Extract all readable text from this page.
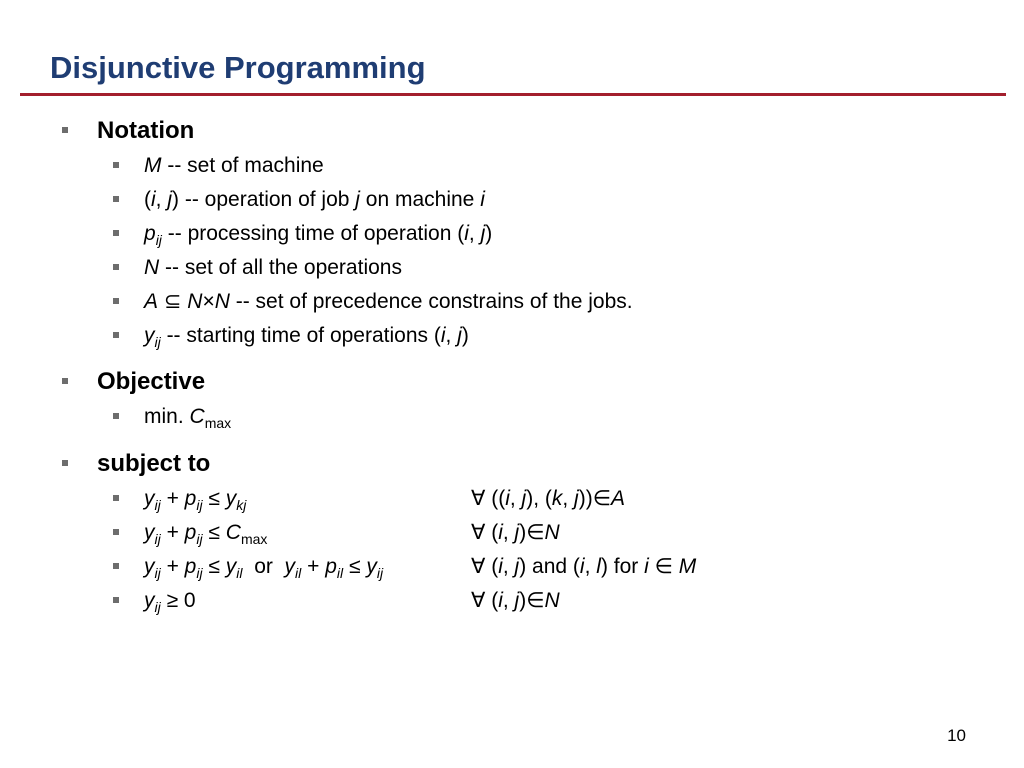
Disjunctive Programming
Notation
M -- set of machine
(i, j) -- operation of job j on machine i
$p_{ij}$ -- processing time of operation (i, j)
N -- set of all the operations
A ⊆ N×N -- set of precedence constrains of the jobs.
$y_{ij}$ -- starting time of operations (i, j)
Objective
min. $C_{max}$
subject to
$y_{ij} + p_{ij} \le y_{kj}$	∀ ((i, j), (k, j))∈A
$y_{ij} + p_{ij} \le C_{max}$	∀ (i, j)∈N
$y_{ij} + p_{ij} \le y_{il}$  or  $y_{il} + p_{il} \le y_{ij}$	∀ (i, j) and (i, l) for i ∈ M
$y_{ij} \ge 0$	∀ (i, j)∈N
10
